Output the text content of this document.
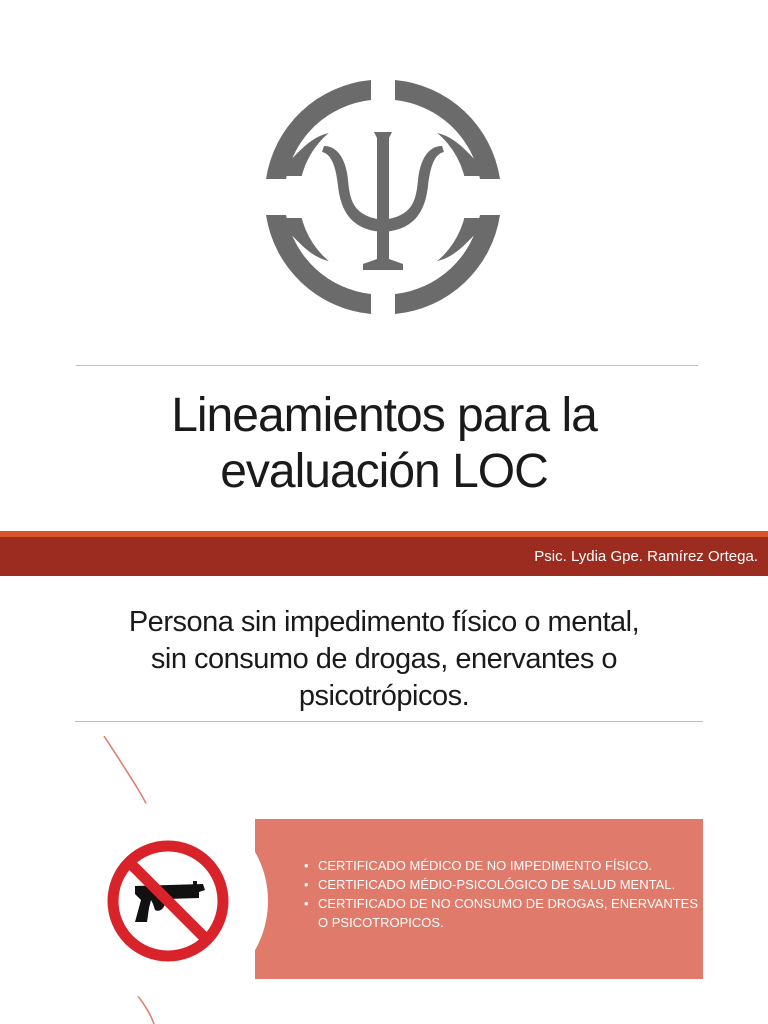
Lineamientos para la
evaluación LOC
Psic. Lydia Gpe. Ramírez Ortega.
Persona sin impedimento físico o mental,
sin consumo de drogas, enervantes o
psicotrópicos.
• CERTIFICADO MÉDICO DE NO IMPEDIMENTO FÍSICO.
• CERTIFICADO MÉDIO-PSICOLÓGICO DE SALUD MENTAL.
• CERTIFICADO DE NO CONSUMO DE DROGAS, ENERVANTES O PSICOTROPICOS.
